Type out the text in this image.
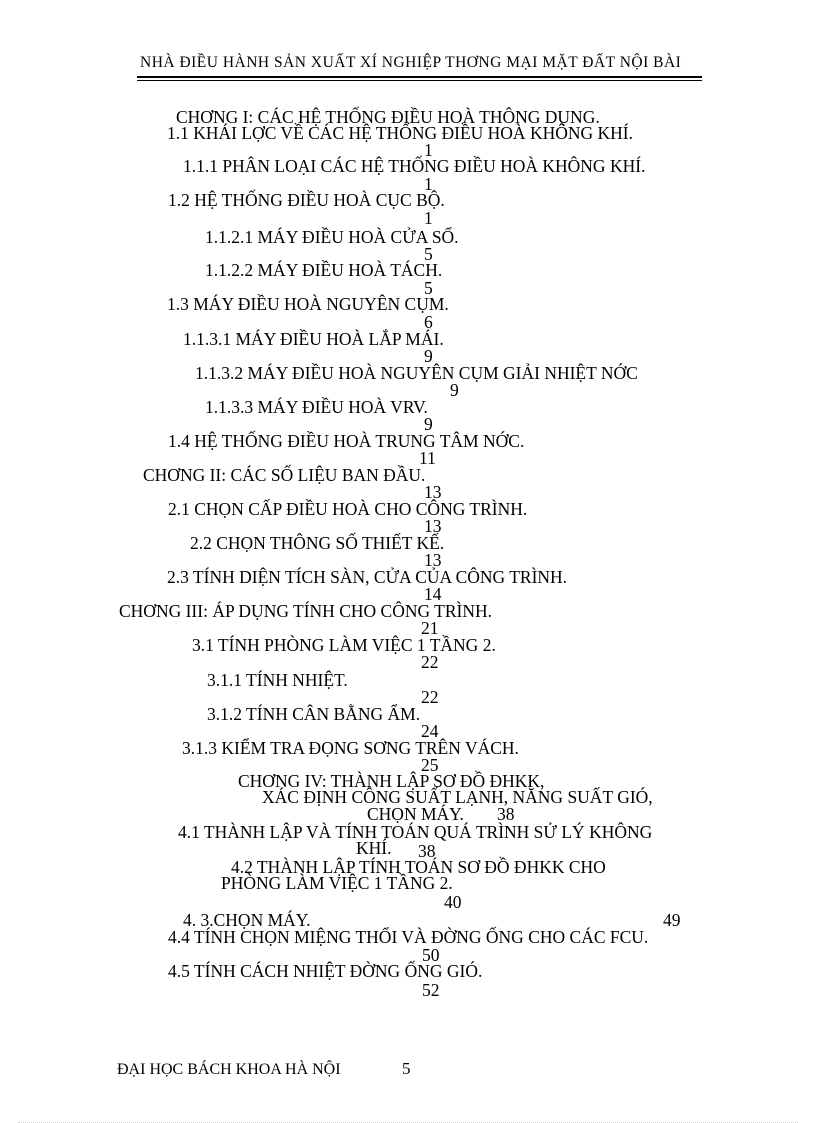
NHÀ ĐIỀU HÀNH SẢN XUẤT XÍ NGHIỆP THƠNG MẠI MẶT ĐẤT NỘI BÀI
CHƠNG I: CÁC HỆ THỐNG ĐIỀU HOÀ THÔNG DỤNG.
1.1 KHÁI LỢC VỀ CÁC HỆ THỐNG ĐIỀU HOÀ KHÔNG KHÍ.
1
1.1.1 PHÂN LOẠI CÁC HỆ THỐNG ĐIỀU HOÀ KHÔNG KHÍ.
1
1.2 HỆ THỐNG ĐIỀU HOÀ CỤC BỘ.
1
1.1.2.1 MÁY ĐIỀU HOÀ CỬA SỔ.
5
1.1.2.2 MÁY ĐIỀU HOÀ TÁCH.
5
1.3 MÁY ĐIỀU HOÀ NGUYÊN CỤM.
6
1.1.3.1 MÁY ĐIỀU HOÀ LẮP MÁI.
9
1.1.3.2 MÁY ĐIỀU HOÀ NGUYÊN CỤM GIẢI NHIỆT NỚC
9
1.1.3.3 MÁY ĐIỀU HOÀ VRV.
9
1.4 HỆ THỐNG ĐIỀU HOÀ TRUNG TÂM NỚC.
11
CHƠNG II: CÁC SỐ LIỆU BAN ĐẦU.
13
2.1 CHỌN CẤP ĐIỀU HOÀ CHO CÔNG TRÌNH.
13
2.2 CHỌN THÔNG SỐ THIẾT KẾ.
13
2.3 TÍNH DIỆN TÍCH SÀN, CỬA CỦA CÔNG TRÌNH.
14
CHƠNG III: ÁP DỤNG TÍNH CHO CÔNG TRÌNH.
21
3.1 TÍNH PHÒNG LÀM VIỆC 1 TẦNG 2.
22
3.1.1 TÍNH NHIỆT.
22
3.1.2 TÍNH CÂN BẰNG ẨM.
24
3.1.3 KIỂM TRA ĐỌNG SƠNG TRÊN VÁCH.
25
CHƠNG IV: THÀNH LẬP SƠ ĐỒ ĐHKK,
XÁC ĐỊNH CÔNG SUẤT LẠNH, NĂNG SUẤT GIÓ,
CHỌN MÁY. 38
4.1 THÀNH LẬP VÀ TÍNH TOÁN QUÁ TRÌNH SỬ LÝ KHÔNG
KHÍ. 38
4.2 THÀNH LẬP TÍNH TOÁN SƠ ĐỒ ĐHKK CHO
PHÒNG LÀM VIỆC 1 TẦNG 2.
40
4. 3.CHỌN MÁY.	49
4.4 TÍNH CHỌN MIỆNG THỔI VÀ ĐỜNG ỐNG CHO CÁC FCU.
50
4.5 TÍNH CÁCH NHIỆT ĐỜNG ỐNG GIÓ.
52
ĐẠI HỌC BÁCH KHOA HÀ NỘI	5
